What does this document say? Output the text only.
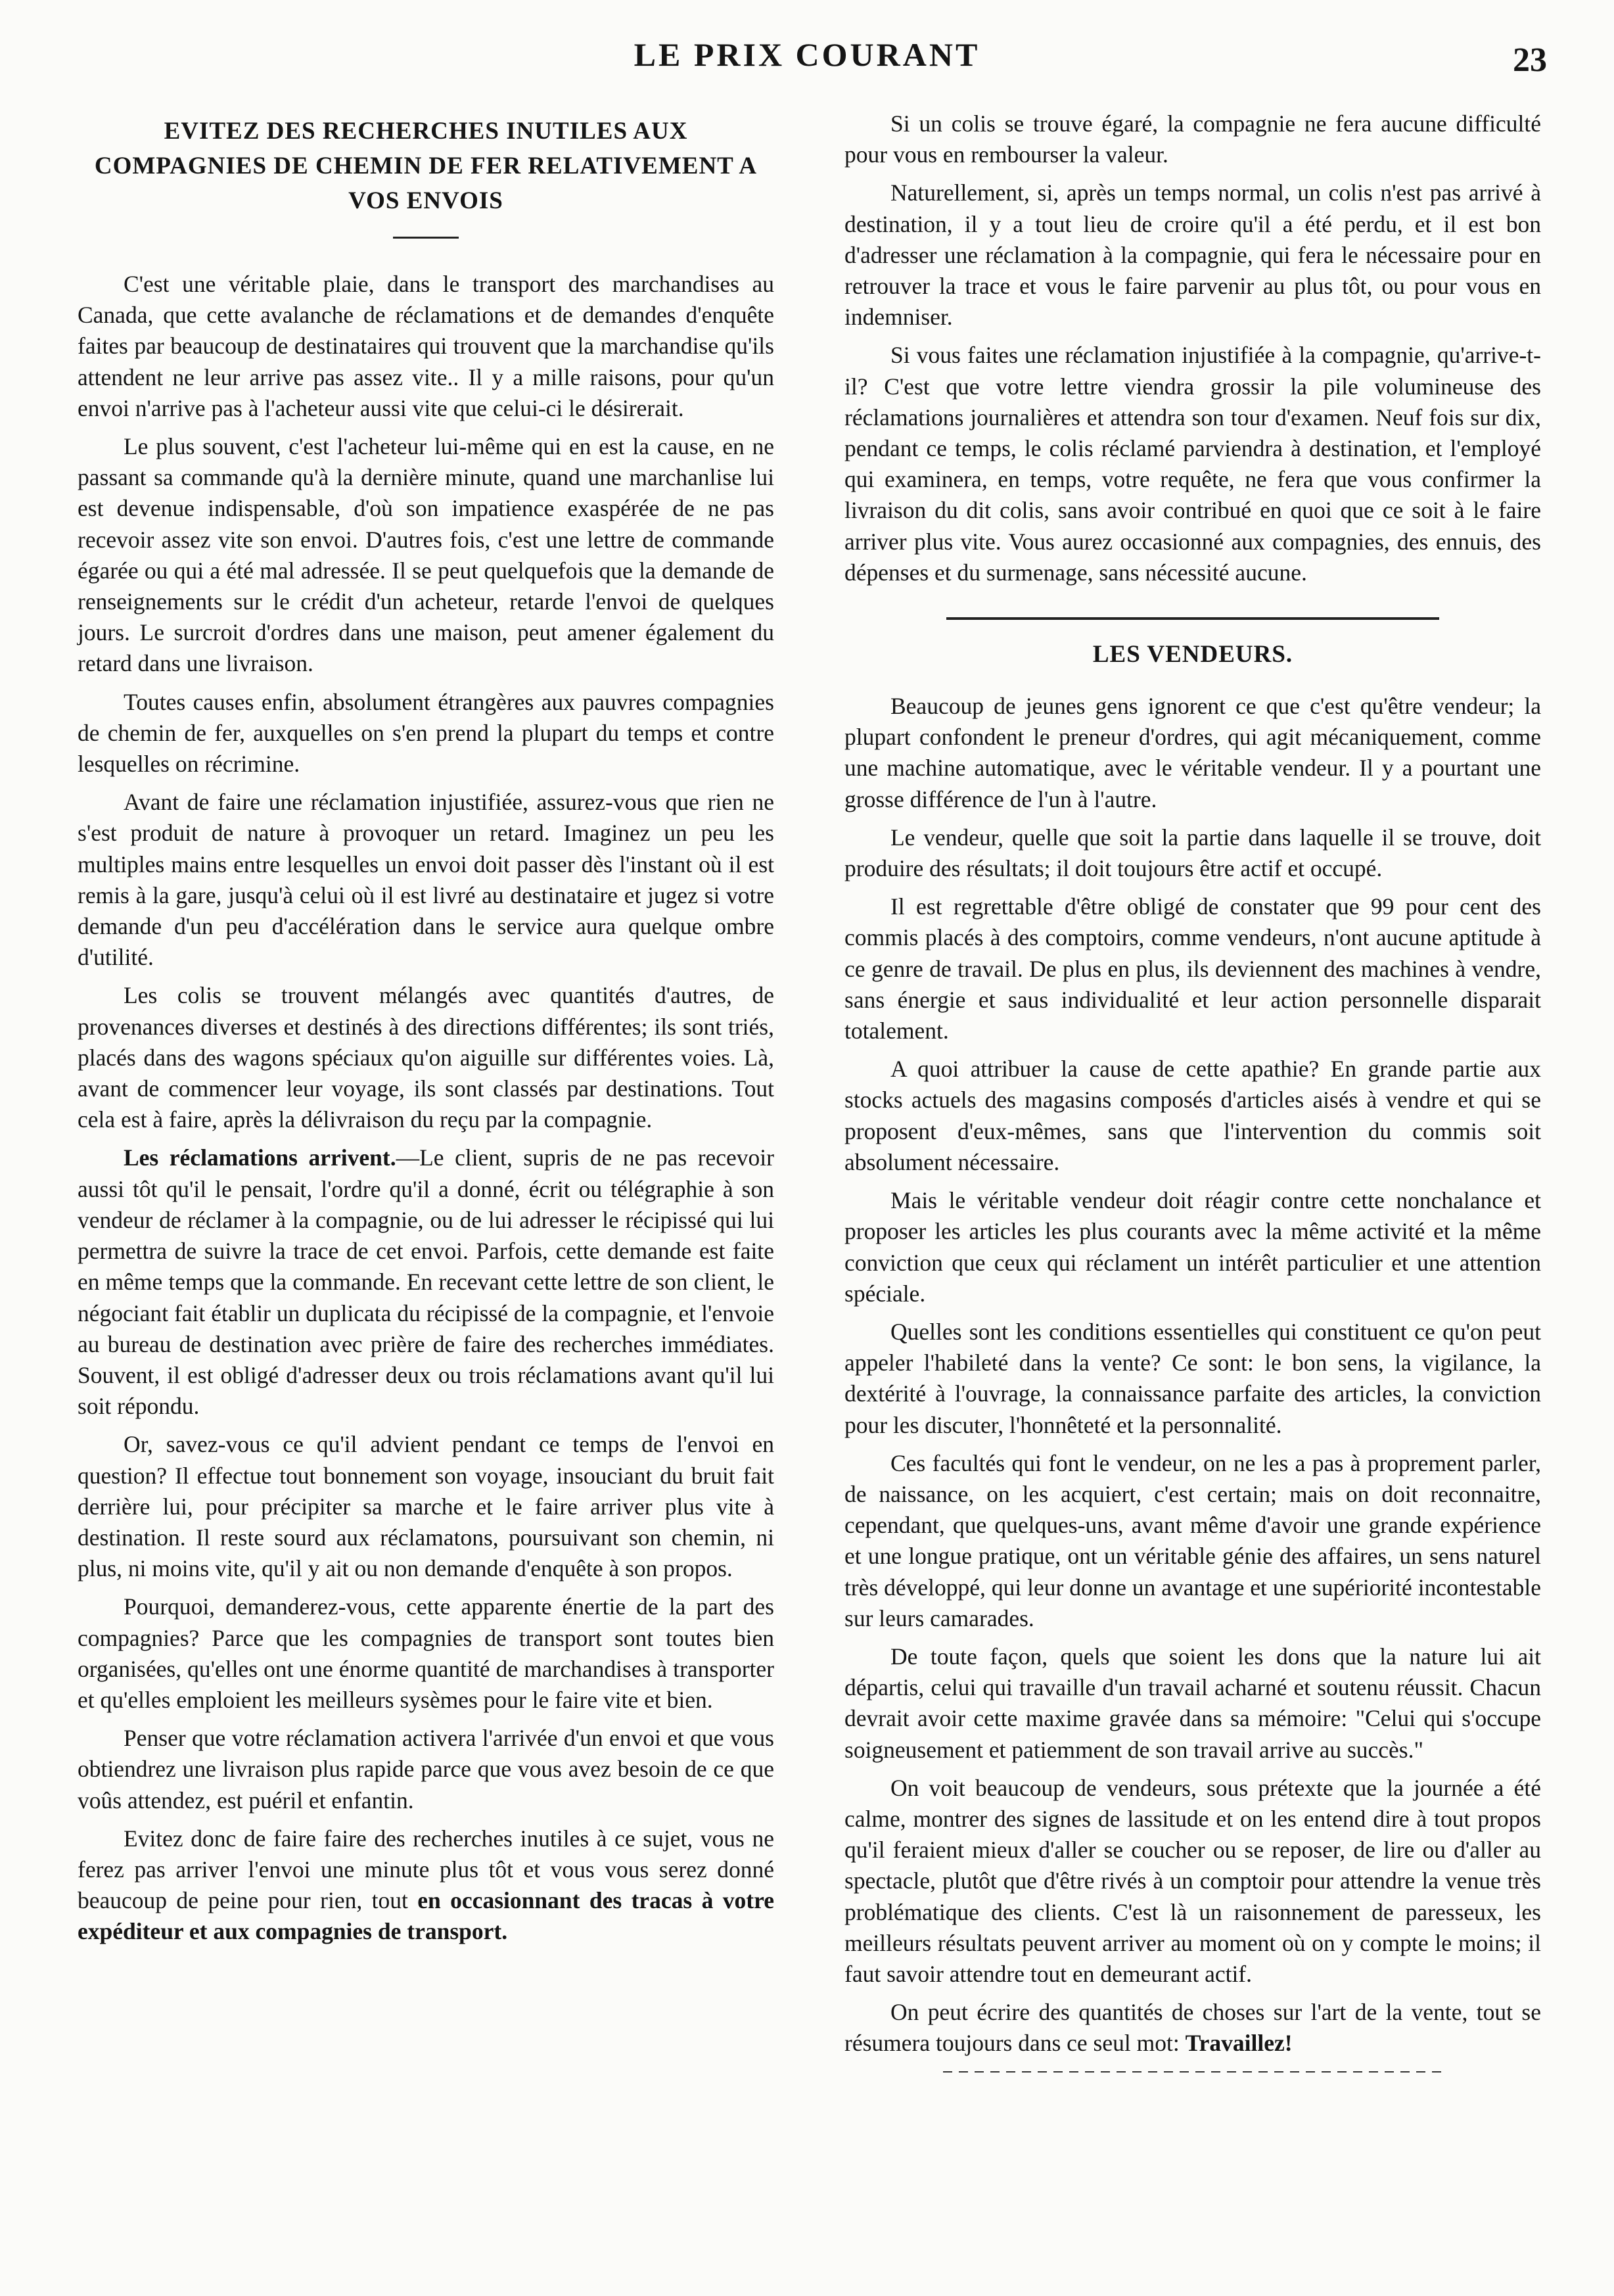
LE PRIX COURANT	23
EVITEZ DES RECHERCHES INUTILES AUX COMPAGNIES DE CHEMIN DE FER RELATIVEMENT A VOS ENVOIS

C'est une véritable plaie, dans le transport des marchandises au Canada, que cette avalanche de réclamations et de demandes d'enquête faites par beaucoup de destinataires qui trouvent que la marchandise qu'ils attendent ne leur arrive pas assez vite.. Il y a mille raisons, pour qu'un envoi n'arrive pas à l'acheteur aussi vite que celui-ci le désirerait.

Le plus souvent, c'est l'acheteur lui-même qui en est la cause, en ne passant sa commande qu'à la dernière minute, quand une marchanlise lui est devenue indispensable, d'où son impatience exaspérée de ne pas recevoir assez vite son envoi. D'autres fois, c'est une lettre de commande égarée ou qui a été mal adressée. Il se peut quelquefois que la demande de renseignements sur le crédit d'un acheteur, retarde l'envoi de quelques jours. Le surcroit d'ordres dans une maison, peut amener également du retard dans une livraison.

Toutes causes enfin, absolument étrangères aux pauvres compagnies de chemin de fer, auxquelles on s'en prend la plupart du temps et contre lesquelles on récrimine.

Avant de faire une réclamation injustifiée, assurez-vous que rien ne s'est produit de nature à provoquer un retard. Imaginez un peu les multiples mains entre lesquelles un envoi doit passer dès l'instant où il est remis à la gare, jusqu'à celui où il est livré au destinataire et jugez si votre demande d'un peu d'accélération dans le service aura quelque ombre d'utilité.

Les colis se trouvent mélangés avec quantités d'autres, de provenances diverses et destinés à des directions différentes; ils sont triés, placés dans des wagons spéciaux qu'on aiguille sur différentes voies. Là, avant de commencer leur voyage, ils sont classés par destinations. Tout cela est à faire, après la délivraison du reçu par la compagnie.

Les réclamations arrivent.—Le client, supris de ne pas recevoir aussi tôt qu'il le pensait, l'ordre qu'il a donné, écrit ou télégraphie à son vendeur de réclamer à la compagnie, ou de lui adresser le récipissé qui lui permettra de suivre la trace de cet envoi. Parfois, cette demande est faite en même temps que la commande. En recevant cette lettre de son client, le négociant fait établir un duplicata du récipissé de la compagnie, et l'envoie au bureau de destination avec prière de faire des recherches immédiates. Souvent, il est obligé d'adresser deux ou trois réclamations avant qu'il lui soit répondu.

Or, savez-vous ce qu'il advient pendant ce temps de l'envoi en question? Il effectue tout bonnement son voyage, insouciant du bruit fait derrière lui, pour précipiter sa marche et le faire arriver plus vite à destination. Il reste sourd aux réclamatons, poursuivant son chemin, ni plus, ni moins vite, qu'il y ait ou non demande d'enquête à son propos.

Pourquoi, demanderez-vous, cette apparente énertie de la part des compagnies? Parce que les compagnies de transport sont toutes bien organisées, qu'elles ont une énorme quantité de marchandises à transporter et qu'elles emploient les meilleurs sysèmes pour le faire vite et bien.

Penser que votre réclamation activera l'arrivée d'un envoi et que vous obtiendrez une livraison plus rapide parce que vous avez besoin de ce que voûs attendez, est puéril et enfantin.

Evitez donc de faire faire des recherches inutiles à ce sujet, vous ne ferez pas arriver l'envoi une minute plus tôt et vous vous serez donné beaucoup de peine pour rien, tout en occasionnant des tracas à votre expéditeur et aux compagnies de transport.

Si un colis se trouve égaré, la compagnie ne fera aucune difficulté pour vous en rembourser la valeur.

Naturellement, si, après un temps normal, un colis n'est pas arrivé à destination, il y a tout lieu de croire qu'il a été perdu, et il est bon d'adresser une réclamation à la compagnie, qui fera le nécessaire pour en retrouver la trace et vous le faire parvenir au plus tôt, ou pour vous en indemniser.

Si vous faites une réclamation injustifiée à la compagnie, qu'arrive-t-il? C'est que votre lettre viendra grossir la pile volumineuse des réclamations journalières et attendra son tour d'examen. Neuf fois sur dix, pendant ce temps, le colis réclamé parviendra à destination, et l'employé qui examinera, en temps, votre requête, ne fera que vous confirmer la livraison du dit colis, sans avoir contribué en quoi que ce soit à le faire arriver plus vite. Vous aurez occasionné aux compagnies, des ennuis, des dépenses et du surmenage, sans nécessité aucune.

LES VENDEURS.

Beaucoup de jeunes gens ignorent ce que c'est qu'être vendeur; la plupart confondent le preneur d'ordres, qui agit mécaniquement, comme une machine automatique, avec le véritable vendeur. Il y a pourtant une grosse différence de l'un à l'autre.

Le vendeur, quelle que soit la partie dans laquelle il se trouve, doit produire des résultats; il doit toujours être actif et occupé.

Il est regrettable d'être obligé de constater que 99 pour cent des commis placés à des comptoirs, comme vendeurs, n'ont aucune aptitude à ce genre de travail. De plus en plus, ils deviennent des machines à vendre, sans énergie et saus individualité et leur action personnelle disparait totalement.

A quoi attribuer la cause de cette apathie? En grande partie aux stocks actuels des magasins composés d'articles aisés à vendre et qui se proposent d'eux-mêmes, sans que l'intervention du commis soit absolument nécessaire.

Mais le véritable vendeur doit réagir contre cette nonchalance et proposer les articles les plus courants avec la même activité et la même conviction que ceux qui réclament un intérêt particulier et une attention spéciale.

Quelles sont les conditions essentielles qui constituent ce qu'on peut appeler l'habileté dans la vente? Ce sont: le bon sens, la vigilance, la dextérité à l'ouvrage, la connaissance parfaite des articles, la conviction pour les discuter, l'honnêteté et la personnalité.

Ces facultés qui font le vendeur, on ne les a pas à proprement parler, de naissance, on les acquiert, c'est certain; mais on doit reconnaitre, cependant, que quelques-uns, avant même d'avoir une grande expérience et une longue pratique, ont un véritable génie des affaires, un sens naturel très développé, qui leur donne un avantage et une supériorité incontestable sur leurs camarades.

De toute façon, quels que soient les dons que la nature lui ait départis, celui qui travaille d'un travail acharné et soutenu réussit. Chacun devrait avoir cette maxime gravée dans sa mémoire: "Celui qui s'occupe soigneusement et patiemment de son travail arrive au succès."

On voit beaucoup de vendeurs, sous prétexte que la journée a été calme, montrer des signes de lassitude et on les entend dire à tout propos qu'il feraient mieux d'aller se coucher ou se reposer, de lire ou d'aller au spectacle, plutôt que d'être rivés à un comptoir pour attendre la venue très problématique des clients. C'est là un raisonnement de paresseux, les meilleurs résultats peuvent arriver au moment où on y compte le moins; il faut savoir attendre tout en demeurant actif.

On peut écrire des quantités de choses sur l'art de la vente, tout se résumera toujours dans ce seul mot: Travaillez!
